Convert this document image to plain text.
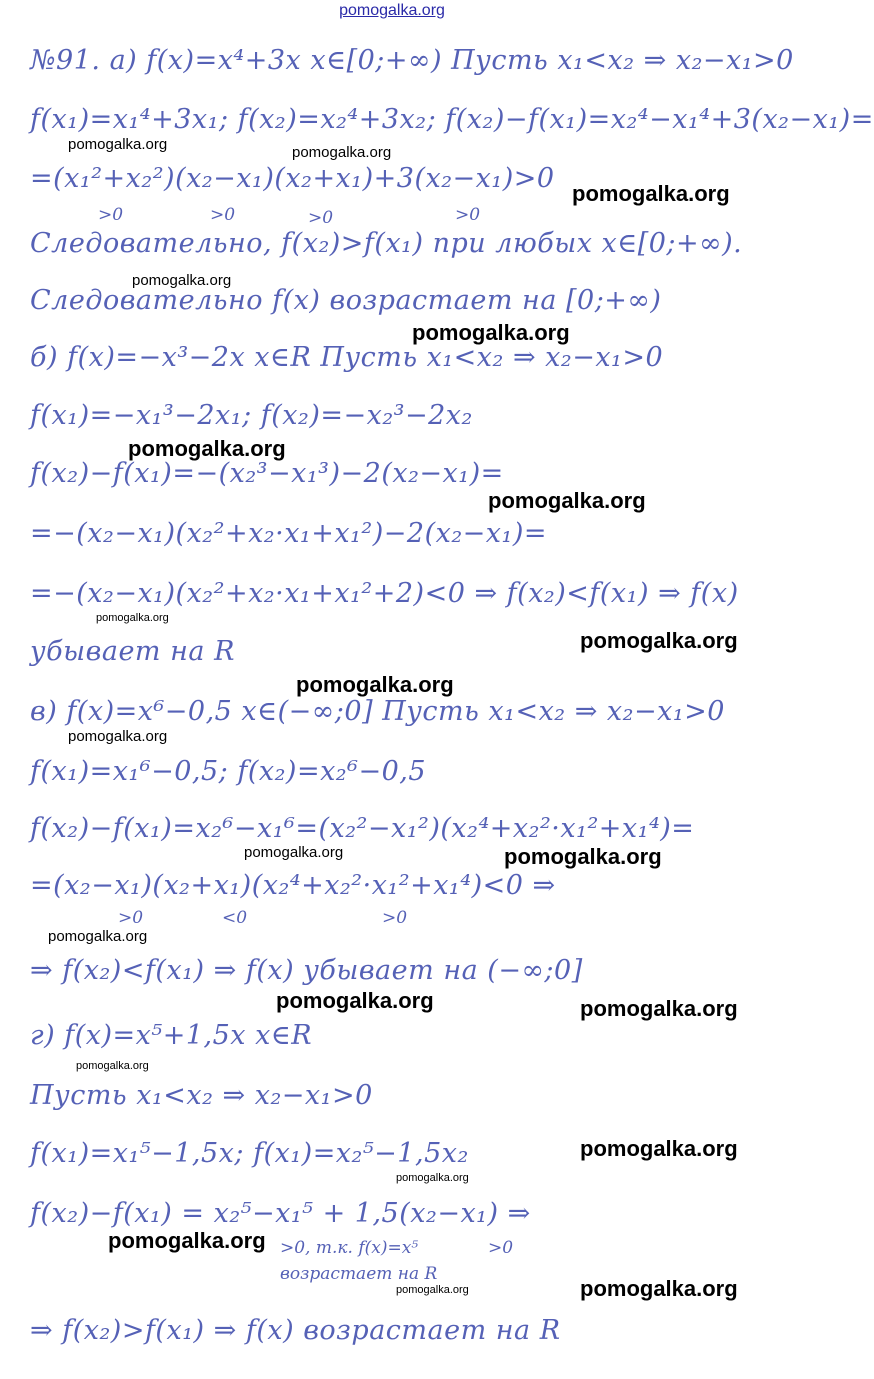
pomogalka.org
№91. а) f(x)=x⁴+3x x∈[0;+∞) Пусть x₁<x₂ ⇒ x₂−x₁>0
f(x₁)=x₁⁴+3x₁; f(x₂)=x₂⁴+3x₂; f(x₂)−f(x₁)=x₂⁴−x₁⁴+3(x₂−x₁)=
=(x₁²+x₂²)(x₂−x₁)(x₂+x₁)+3(x₂−x₁)>0
>0	>0	>0	>0
Следовательно, f(x₂)>f(x₁) при любых x∈[0;+∞).
Следовательно f(x) возрастает на [0;+∞)
б) f(x)=−x³−2x x∈R Пусть x₁<x₂ ⇒ x₂−x₁>0
f(x₁)=−x₁³−2x₁; f(x₂)=−x₂³−2x₂
f(x₂)−f(x₁)=−(x₂³−x₁³)−2(x₂−x₁)=
=−(x₂−x₁)(x₂²+x₂·x₁+x₁²)−2(x₂−x₁)=
=−(x₂−x₁)(x₂²+x₂·x₁+x₁²+2)<0 ⇒ f(x₂)<f(x₁) ⇒ f(x)
убывает на R
в) f(x)=x⁶−0,5 x∈(−∞;0] Пусть x₁<x₂ ⇒ x₂−x₁>0
f(x₁)=x₁⁶−0,5; f(x₂)=x₂⁶−0,5
f(x₂)−f(x₁)=x₂⁶−x₁⁶=(x₂²−x₁²)(x₂⁴+x₂²·x₁²+x₁⁴)=
=(x₂−x₁)(x₂+x₁)(x₂⁴+x₂²·x₁²+x₁⁴)<0 ⇒
>0	<0	>0
⇒ f(x₂)<f(x₁) ⇒ f(x) убывает на (−∞;0]
г) f(x)=x⁵+1,5x x∈R
Пусть x₁<x₂ ⇒ x₂−x₁>0
f(x₁)=x₁⁵−1,5x; f(x₁)=x₂⁵−1,5x₂
f(x₂)−f(x₁) = x₂⁵−x₁⁵ + 1,5(x₂−x₁) ⇒
>0, т.к. f(x)=x⁵	>0
возрастает на R
⇒ f(x₂)>f(x₁) ⇒ f(x) возрастает на R
pomogalka.org	pomogalka.org
pomogalka.org
pomogalka.org
pomogalka.org
pomogalka.org
pomogalka.org
pomogalka.org
pomogalka.org
pomogalka.org
pomogalka.org
pomogalka.org	pomogalka.org
pomogalka.org
pomogalka.org	pomogalka.org
pomogalka.org
pomogalka.org
pomogalka.org
pomogalka.org
pomogalka.org	pomogalka.org
